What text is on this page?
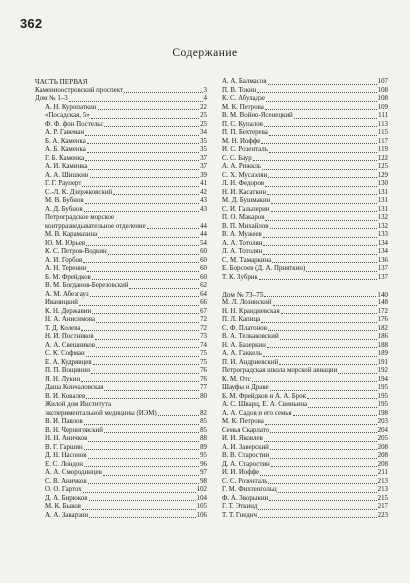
362
Содержание
ЧАСТЬ ПЕРВАЯ
Каменноостровский проспект	3
Дом № 1–3	4
А. Н. Куропаткин	22
«Посадская, 5»	25
Ф. Ф. фон Постельс	25
А. Р. Гавеман	34
Б. А. Каменка	35
А. Б. Каменка	35
Г. Б. Каменка	37
А. И. Каминка	37
А. А. Шишкин	39
Г. Г. Рауперт	41
С.-Л. К. Дзержковский	42
М. В. Бубнов	43
А. Д. Бубнов	43
Петроградское морское
контрразведывательное отделение	44
М. В. Карамазина	44
Ю. М. Юрьев	54
К. С. Петров-Водкин	60
А. И. Горбов	60
А. Н. Теренин	60
Б. М. Фрейдков	60
В. М. Богданов-Березовский	62
А. М. Абезгауз	64
Иваницкий	66
К. Н. Державин	67
Н. А. Анисимова	72
Т. Д. Колева	72
Н. И. Постников	73
А. А. Свешников	74
С. К. Софман	75
Е. А. Кудрявцев	75
П. П. Вощинин	76
Я. Н. Лукин	76
Даша Кончаловская	77
В. И. Ковалев	80
Жилой дом Института
экспериментальной медицины (ИЭМ)	82
В. И. Павлов	85
В. Н. Черниговский	85
Н. Н. Аничков	88
В. Г. Гаршин	89
Д. Н. Насонов	95
Е. С. Лондон	96
А. А. Смородинцев	97
С. В. Аничков	98
О. О. Гартох	102
Д. А. Бирюков	104
М. К. Быков	105
А. А. Заварзин	106
А. А. Балмасов	107
П. В. Токин	108
К. С. Абуладзе	108
М. К. Петрова	109
В. М. Войно-Ясенецкий	111
П. С. Купалов	113
П. П. Бехтерева	115
М. Н. Иоффе	117
И. С. Розенталь	119
С. С. Баур	122
А. А. Рижкль	125
С. Х. Мусаэлян	129
Л. Н. Федоров	130
Н. И. Касаткин	131
М. Д. Бушмакин	131
С. И. Гальперин	131
П. О. Макаров	132
В. П. Михайлов	132
В. А. Мужеев	133
А. А. Тотолян	134
Л. А. Тотолян	134
С. М. Тамаркина	136
Е. Борсоев (Д. А. Прияткин)	137
Т. К. Зубрик	137
Дом № 73–75	140
М. Л. Лозинский	148
Н. Н. Крандиевская	172
П. Л. Капица	176
С. Ф. Платонов	182
В. А. Телкаковский	186
Н. А. Базеркин	188
А. А. Гаккель	189
П. И. Андриевский	191
Петроградская школа морской авиации	192
К. М. Отс	194
Шауфы и Драке	195
Б. М. Фрейдков и А. А. Брок	195
А. С. Шварц, Е. А. Свиньина	195
А. А. Садов и его семья	198
М. К. Петрова	203
Семья Скарлато	204
И. И. Яковлев	205
А. И. Заверский	208
В. В. Старостин	208
Д. А. Старостин	208
И. И. Иоффе	211
С. С. Розенталь	213
Г. М. Фихтенгольц	213
Ф. А. Зворыкин	215
Г. Т. Эткинд	217
Т. Т. Гнедич	223
